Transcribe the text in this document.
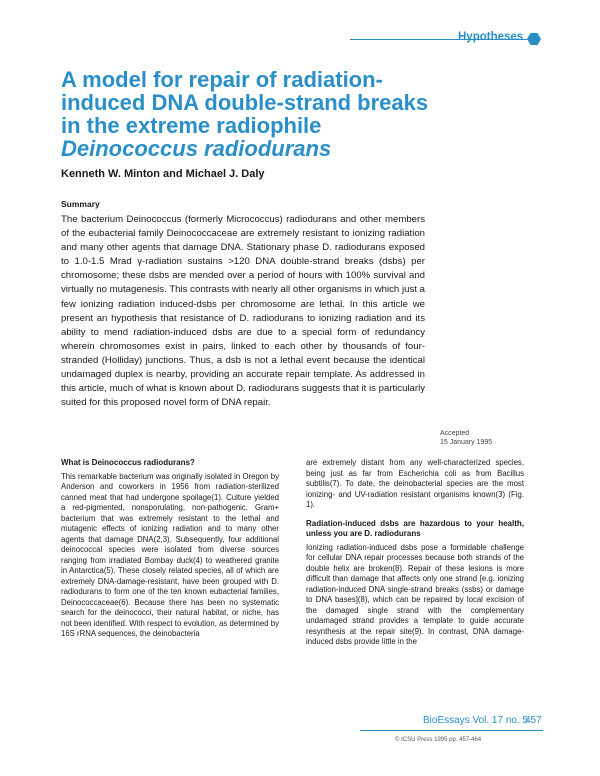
Hypotheses
A model for repair of radiation-
induced DNA double-strand breaks
in the extreme radiophile
Deinococcus radiodurans
Kenneth W. Minton and Michael J. Daly
Summary
The bacterium Deinococcus (formerly Micrococcus) radiodurans and other members of the eubacterial family Deinococcaceae are extremely resistant to ionizing radiation and many other agents that damage DNA. Stationary phase D. radiodurans exposed to 1.0-1.5 Mrad γ-radiation sustains >120 DNA double-strand breaks (dsbs) per chromosome; these dsbs are mended over a period of hours with 100% survival and virtually no mutagenesis. This contrasts with nearly all other organisms in which just a few ionizing radiation induced-dsbs per chromosome are lethal. In this article we present an hypothesis that resistance of D. radiodurans to ionizing radiation and its ability to mend radiation-induced dsbs are due to a special form of redundancy wherein chromosomes exist in pairs, linked to each other by thousands of four-stranded (Holliday) junctions. Thus, a dsb is not a lethal event because the identical undamaged duplex is nearby, providing an accurate repair template. As addressed in this article, much of what is known about D. radiodurans suggests that it is particularly suited for this proposed novel form of DNA repair.
Accepted
15 January 1995
What is Deinococcus radiodurans?

This remarkable bacterium was originally isolated in Oregon by Anderson and coworkers in 1956 from radiation-sterilized canned meat that had undergone spoilage(1). Culture yielded a red-pigmented, nonsporulating, non-pathogenic, Gram+ bacterium that was extremely resistant to the lethal and mutagenic effects of ionizing radiation and to many other agents that damage DNA(2,3). Subsequently, four additional deinococcal species were isolated from diverse sources ranging from irradiated Bombay duck(4) to weathered granite in Antarctica(5). These closely related species, all of which are extremely DNA-damage-resistant, have been grouped with D. radiodurans to form one of the ten known eubacterial families, Deinococcaceae(6). Because there has been no systematic search for the deinococci, their natural habitat, or niche, has not been identified. With respect to evolution, as determined by 16S rRNA sequences, the deinobacteria

are extremely distant from any well-characterized species, being just as far from Escherichia coli as from Bacillus subtilis(7). To date, the deinobacterial species are the most ionizing- and UV-radiation resistant organisms known(3) (Fig. 1).

Radiation-induced dsbs are hazardous to your health, unless you are D. radiodurans

Ionizing radiation-induced dsbs pose a formidable challenge for cellular DNA repair processes because both strands of the double helix are broken(8). Repair of these lesions is more difficult than damage that affects only one strand [e.g. ionizing radiation-induced DNA single-strand breaks (ssbs) or damage to DNA bases](8), which can be repaired by local excision of the damaged single strand with the complementary undamaged strand provides a template to guide accurate resynthesis at the repair site(9). In contrast, DNA damage-induced dsbs provide little in the

BioEssays Vol. 17 no. 5
457
© ICSU Press 1995 pp. 457-464
